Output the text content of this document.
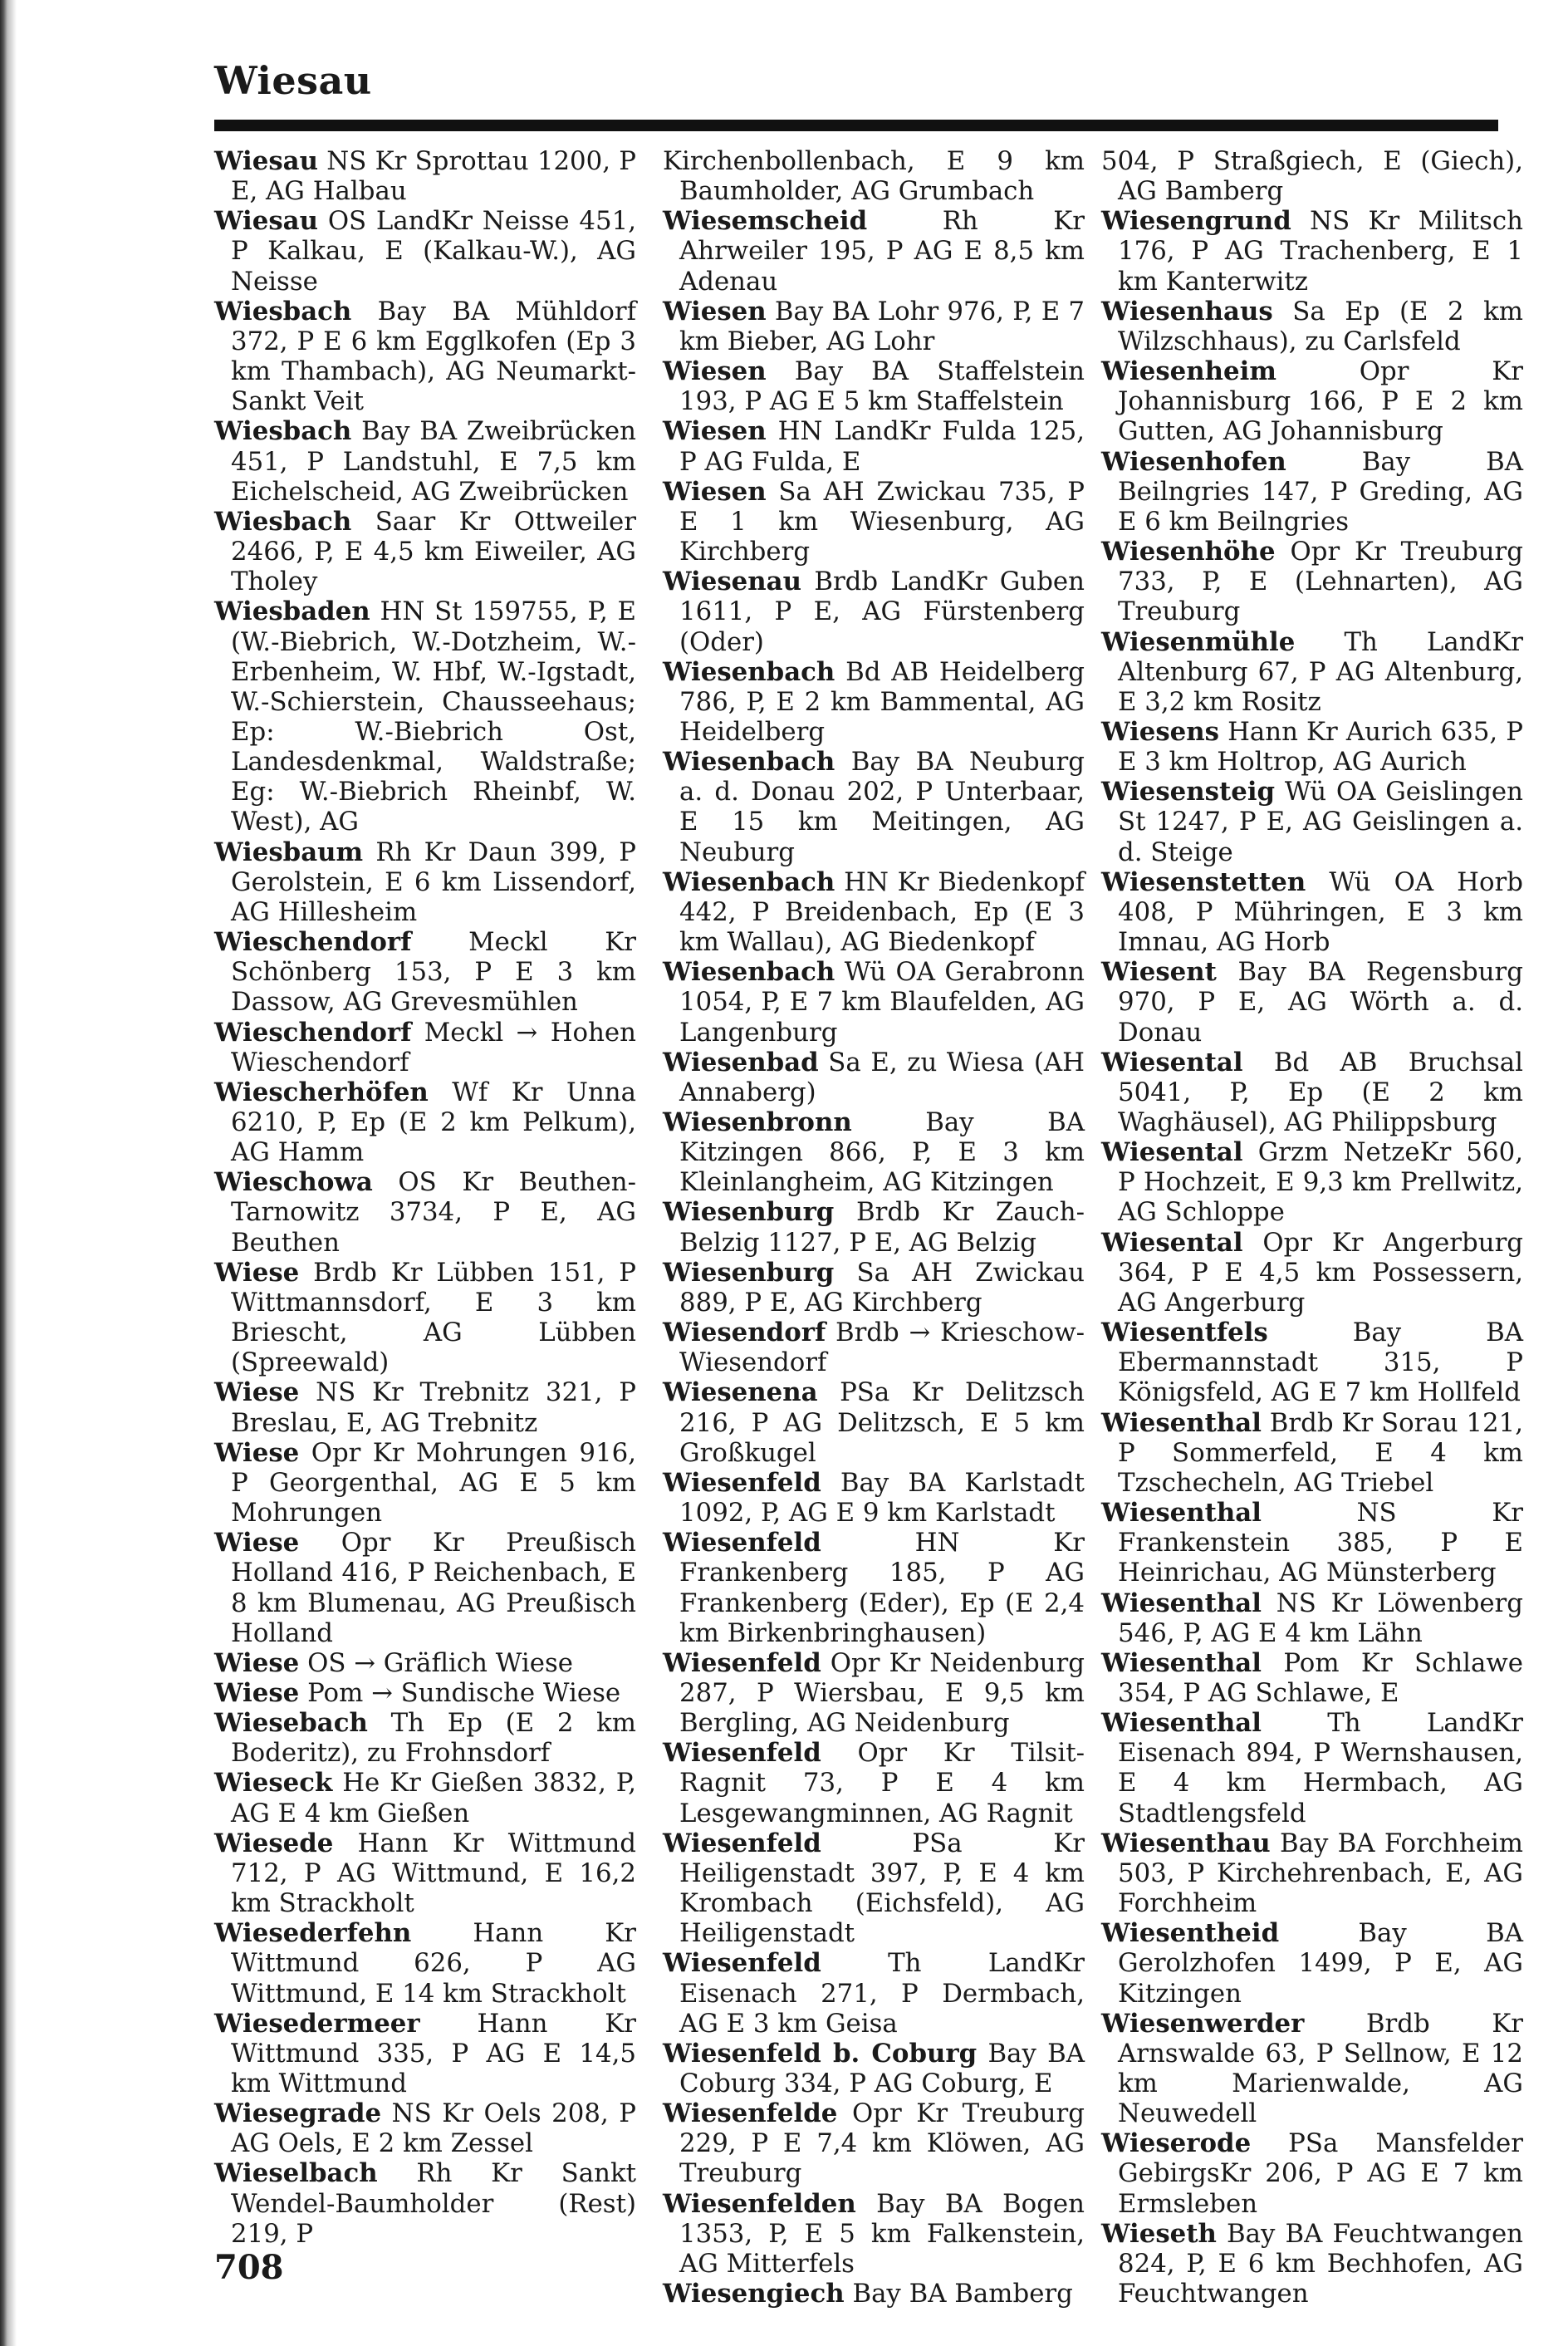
Wiesau
Wiesau NS Kr Sprottau 1200, P E, AG Halbau
Wiesau OS LandKr Neisse 451, P Kalkau, E (Kalkau-W.), AG Neisse
Wiesbach Bay BA Mühldorf 372, P E 6 km Egglkofen (Ep 3 km Thambach), AG Neumarkt-Sankt Veit
Wiesbach Bay BA Zweibrücken 451, P Landstuhl, E 7,5 km Eichelscheid, AG Zweibrücken
Wiesbach Saar Kr Ottweiler 2466, P, E 4,5 km Eiweiler, AG Tholey
Wiesbaden HN St 159755, P, E (W.-Biebrich, W.-Dotzheim, W.-Erbenheim, W. Hbf, W.-Igstadt, W.-Schierstein, Chausseehaus; Ep: W.-Biebrich Ost, Landesdenkmal, Waldstraße; Eg: W.-Biebrich Rheinbf, W. West), AG
Wiesbaum Rh Kr Daun 399, P Gerolstein, E 6 km Lissendorf, AG Hillesheim
Wieschendorf Meckl Kr Schönberg 153, P E 3 km Dassow, AG Grevesmühlen
Wieschendorf Meckl → Hohen Wieschendorf
Wiescherhöfen Wf Kr Unna 6210, P, Ep (E 2 km Pelkum), AG Hamm
Wieschowa OS Kr Beuthen-Tarnowitz 3734, P E, AG Beuthen
Wiese Brdb Kr Lübben 151, P Wittmannsdorf, E 3 km Briescht, AG Lübben (Spreewald)
Wiese NS Kr Trebnitz 321, P Breslau, E, AG Trebnitz
Wiese Opr Kr Mohrungen 916, P Georgenthal, AG E 5 km Mohrungen
Wiese Opr Kr Preußisch Holland 416, P Reichenbach, E 8 km Blumenau, AG Preußisch Holland
Wiese OS → Gräflich Wiese
Wiese Pom → Sundische Wiese
Wiesebach Th Ep (E 2 km Boderitz), zu Frohnsdorf
Wieseck He Kr Gießen 3832, P, AG E 4 km Gießen
Wiesede Hann Kr Wittmund 712, P AG Wittmund, E 16,2 km Strackholt
Wiesederfehn Hann Kr Wittmund 626, P AG Wittmund, E 14 km Strackholt
Wiesedermeer Hann Kr Wittmund 335, P AG E 14,5 km Wittmund
Wiesegrade NS Kr Oels 208, P AG Oels, E 2 km Zessel
Wieselbach Rh Kr Sankt Wendel-Baumholder (Rest) 219, P
Kirchenbollenbach, E 9 km Baumholder, AG Grumbach
Wiesemscheid	Rh Kr Ahrweiler 195, P AG E 8,5 km Adenau
Wiesen Bay BA Lohr 976, P, E 7 km Bieber, AG Lohr
Wiesen Bay BA Staffelstein 193, P AG E 5 km Staffelstein
Wiesen HN LandKr Fulda 125, P AG Fulda, E
Wiesen Sa AH Zwickau 735, P E 1 km Wiesenburg, AG Kirchberg
Wiesenau Brdb LandKr Guben 1611, P E, AG Fürstenberg (Oder)
Wiesenbach Bd AB Heidelberg 786, P, E 2 km Bammental, AG Heidelberg
Wiesenbach Bay BA Neuburg a. d. Donau 202, P Unterbaar, E 15 km Meitingen, AG Neuburg
Wiesenbach HN Kr Biedenkopf 442, P Breidenbach, Ep (E 3 km Wallau), AG Biedenkopf
Wiesenbach Wü OA Gerabronn 1054, P, E 7 km Blaufelden, AG Langenburg
Wiesenbad Sa E, zu Wiesa (AH Annaberg)
Wiesenbronn	Bay BA Kitzingen 866, P, E 3 km Kleinlangheim, AG Kitzingen
Wiesenburg Brdb Kr Zauch-Belzig 1127, P E, AG Belzig
Wiesenburg Sa AH Zwickau 889, P E, AG Kirchberg
Wiesendorf Brdb → Krieschow-Wiesendorf
Wiesenena PSa Kr Delitzsch 216, P AG Delitzsch, E 5 km Großkugel
Wiesenfeld Bay BA Karlstadt 1092, P, AG E 9 km Karlstadt
Wiesenfeld	HN Kr Frankenberg 185, P AG Frankenberg (Eder), Ep (E 2,4 km Birkenbringhausen)
Wiesenfeld Opr Kr Neidenburg 287, P Wiersbau, E 9,5 km Bergling, AG Neidenburg
Wiesenfeld Opr Kr Tilsit-Ragnit 73, P E 4 km Lesgewangminnen, AG Ragnit
Wiesenfeld	PSa Kr Heiligenstadt 397, P, E 4 km Krombach (Eichsfeld), AG Heiligenstadt
Wiesenfeld	Th LandKr Eisenach 271, P Dermbach, AG E 3 km Geisa
Wiesenfeld b. Coburg Bay BA Coburg 334, P AG Coburg, E
Wiesenfelde Opr Kr Treuburg 229, P E 7,4 km Klöwen, AG Treuburg
Wiesenfelden Bay BA Bogen 1353, P, E 5 km Falkenstein, AG Mitterfels
Wiesengiech Bay BA Bamberg
504, P Straßgiech, E (Giech), AG Bamberg
Wiesengrund NS Kr Militsch 176, P AG Trachenberg, E 1 km Kanterwitz
Wiesenhaus Sa Ep (E 2 km Wilzschhaus), zu Carlsfeld
Wiesenheim	Opr Kr Johannisburg 166, P E 2 km Gutten, AG Johannisburg
Wiesenhofen	Bay BA Beilngries 147, P Greding, AG E 6 km Beilngries
Wiesenhöhe Opr Kr Treuburg 733, P, E (Lehnarten), AG Treuburg
Wiesenmühle Th LandKr Altenburg 67, P AG Altenburg, E 3,2 km Rositz
Wiesens Hann Kr Aurich 635, P E 3 km Holtrop, AG Aurich
Wiesensteig Wü OA Geislingen St 1247, P E, AG Geislingen a. d. Steige
Wiesenstetten Wü OA Horb 408, P Mühringen, E 3 km Imnau, AG Horb
Wiesent Bay BA Regensburg 970, P E, AG Wörth a. d. Donau
Wiesental Bd AB Bruchsal 5041, P, Ep (E 2 km Waghäusel), AG Philippsburg
Wiesental Grzm NetzeKr 560, P Hochzeit, E 9,3 km Prellwitz, AG Schloppe
Wiesental Opr Kr Angerburg 364, P E 4,5 km Possessern, AG Angerburg
Wiesentfels	Bay BA Ebermannstadt 315, P Königsfeld, AG E 7 km Hollfeld
Wiesenthal Brdb Kr Sorau 121, P Sommerfeld, E 4 km Tzschecheln, AG Triebel
Wiesenthal	NS Kr Frankenstein 385, P E Heinrichau, AG Münsterberg
Wiesenthal NS Kr Löwenberg 546, P, AG E 4 km Lähn
Wiesenthal Pom Kr Schlawe 354, P AG Schlawe, E
Wiesenthal	Th LandKr Eisenach 894, P Wernshausen, E 4 km Hermbach, AG Stadtlengsfeld
Wiesenthau Bay BA Forchheim 503, P Kirchehrenbach, E, AG Forchheim
Wiesentheid	Bay BA Gerolzhofen 1499, P E, AG Kitzingen
Wiesenwerder Brdb Kr Arnswalde 63, P Sellnow, E 12 km Marienwalde, AG Neuwedell
Wieserode PSa Mansfelder GebirgsKr 206, P AG E 7 km Ermsleben
Wieseth Bay BA Feuchtwangen 824, P, E 6 km Bechhofen, AG Feuchtwangen
708
